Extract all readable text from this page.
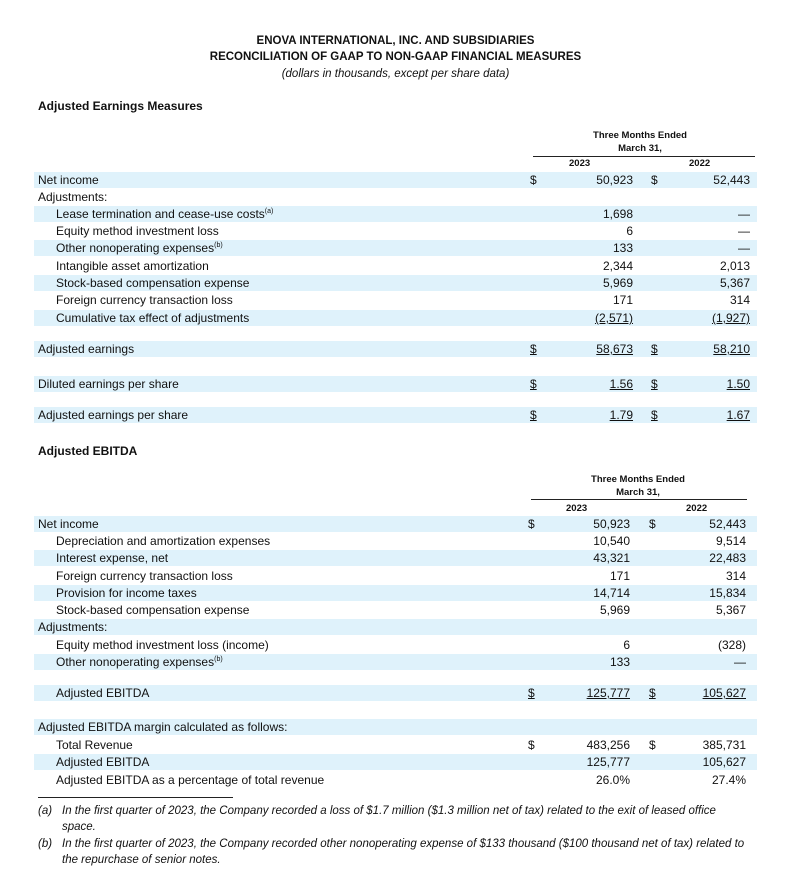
ENOVA INTERNATIONAL, INC. AND SUBSIDIARIES
RECONCILIATION OF GAAP TO NON-GAAP FINANCIAL MEASURES
(dollars in thousands, except per share data)
Adjusted Earnings Measures
Three Months Ended
March 31,
2023	2022
Net income	$	50,923 $	52,443
Adjustments:
Lease termination and cease-use costs$^{(a)}$	1,698	—
Equity method investment loss	6	—
Other nonoperating expenses$^{(b)}$	133	—
Intangible asset amortization	2,344	2,013
Stock-based compensation expense	5,969	5,367
Foreign currency transaction loss	171	314
Cumulative tax effect of adjustments	(2,571)	(1,927)
Adjusted earnings	$	58,673 $	58,210
Diluted earnings per share	$	1.56 $	1.50
Adjusted earnings per share	$	1.79 $	1.67
Adjusted EBITDA
Three Months Ended
March 31,
2023	2022
Net income	$	50,923 $	52,443
Depreciation and amortization expenses	10,540	9,514
Interest expense, net	43,321	22,483
Foreign currency transaction loss	171	314
Provision for income taxes	14,714	15,834
Stock-based compensation expense	5,969	5,367
Adjustments:
Equity method investment loss (income)	6	(328)
Other nonoperating expenses$^{(b)}$	133	—
Adjusted EBITDA	$	125,777 $	105,627
Adjusted EBITDA margin calculated as follows:
Total Revenue	$	483,256 $	385,731
Adjusted EBITDA	125,777	105,627
Adjusted EBITDA as a percentage of total revenue	26.0%	27.4%
(a) In the first quarter of 2023, the Company recorded a loss of $1.7 million ($1.3 million net of tax) related to the exit of leased office space.
(b) In the first quarter of 2023, the Company recorded other nonoperating expense of $133 thousand ($100 thousand net of tax) related to the repurchase of senior notes.
